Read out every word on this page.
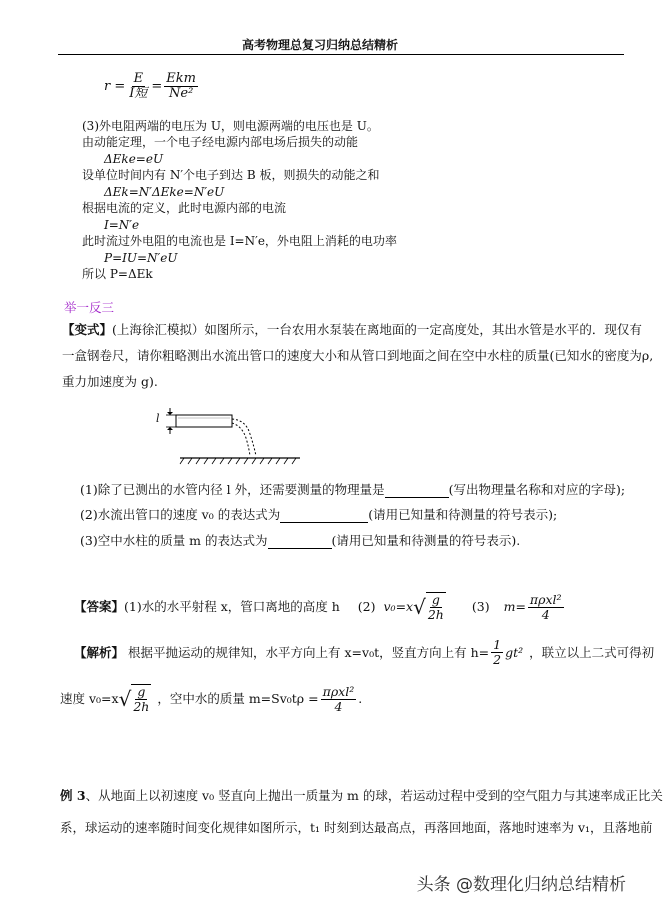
高考物理总复习归纳总结精析
$r = \frac{E}{\text{I短}} = \frac{\text{Ekm}}{\text{Ne²}}$
(3)外电阻两端的电压为 U，则电源两端的电压也是 U。
由动能定理，一个电子经电源内部电场后损失的动能
ΔEke=eU
设单位时间内有 N′个电子到达 B 板，则损失的动能之和
ΔEk=N′ΔEke=N′eU
根据电流的定义，此时电源内部的电流
I=N′e
此时流过外电阻的电流也是 I=N′e，外电阻上消耗的电功率
P=IU=N′eU
所以 P=ΔEk
举一反三
【变式】(上海徐汇模拟）如图所示，一台农用水泵装在离地面的一定高度处，其出水管是水平的．现仅有
一盒钢卷尺，请你粗略测出水流出管口的速度大小和从管口到地面之间在空中水柱的质量(已知水的密度为ρ,
重力加速度为 g).
l
(1)除了已测出的水管内径 l 外，还需要测量的物理量是	(写出物理量名称和对应的字母);
(2)水流出管口的速度 v₀ 的表达式为	(请用已知量和待测量的符号表示);
(3)空中水柱的质量 m 的表达式为	(请用已知量和待测量的符号表示).
【答案】 (1)水的水平射程 x，管口离地的高度 h (2) v₀=x √ $\frac{g}{2h} (3)$ $m= \frac{\text{πρxl²}}{4}$
【解析】 根据平抛运动的规律知，水平方向上有 x=v₀t，竖直方向上有 $h= \frac{1}{2} gt^2$ ，联立以上二式可得初
速度 v₀=x √ $\frac{g}{2h}$ ，空中水的质量 $m=Sv_0t\rho = \frac{\text{πρxl²}}{4}$ .
例 3、从地面上以初速度 v₀ 竖直向上抛出一质量为 m 的球，若运动过程中受到的空气阻力与其速率成正比关
系，球运动的速率随时间变化规律如图所示，t₁ 时刻到达最高点，再落回地面，落地时速率为 v₁，且落地前
头条 @数理化归纳总结精析
